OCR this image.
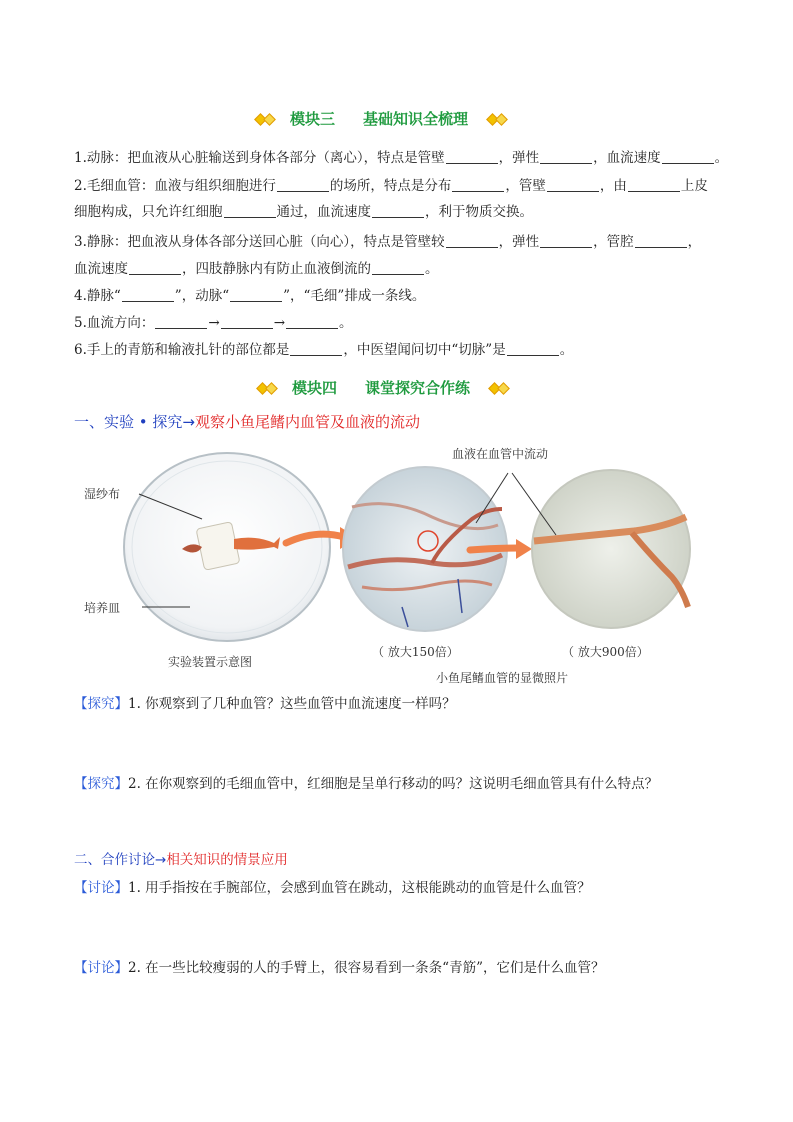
模块三 基础知识全梳理
1.动脉：把血液从心脏输送到身体各部分（离心），特点是管壁	，弹性	，血流速度	。
2.毛细血管：血液与组织细胞进行	的场所，特点是分布	，管壁	，由	上皮
细胞构成，只允许红细胞	通过，血流速度	，利于物质交换。
3.静脉：把血液从身体各部分送回心脏（向心），特点是管壁较	，弹性	，管腔	，
血流速度	，四肢静脉内有防止血液倒流的	。
4.静脉“	”，动脉“	”，“毛细”排成一条线。
5.血流方向：	→	→	。
6.手上的青筋和输液扎针的部位都是	，中医望闻问切中“切脉”是	。
模块四 课堂探究合作练
一、实验 • 探究→观察小鱼尾鳍内血管及血液的流动
湿纱布
培养皿
实验装置示意图
血液在血管中流动
（ 放大150倍）	（ 放大900倍）
小鱼尾鳍血管的显微照片
【探究】1. 你观察到了几种血管？这些血管中血流速度一样吗？
【探究】2. 在你观察到的毛细血管中，红细胞是呈单行移动的吗？这说明毛细血管具有什么特点？
二、合作讨论→相关知识的情景应用
【讨论】1. 用手指按在手腕部位，会感到血管在跳动，这根能跳动的血管是什么血管？
【讨论】2. 在一些比较瘦弱的人的手臂上，很容易看到一条条“青筋”，它们是什么血管？
